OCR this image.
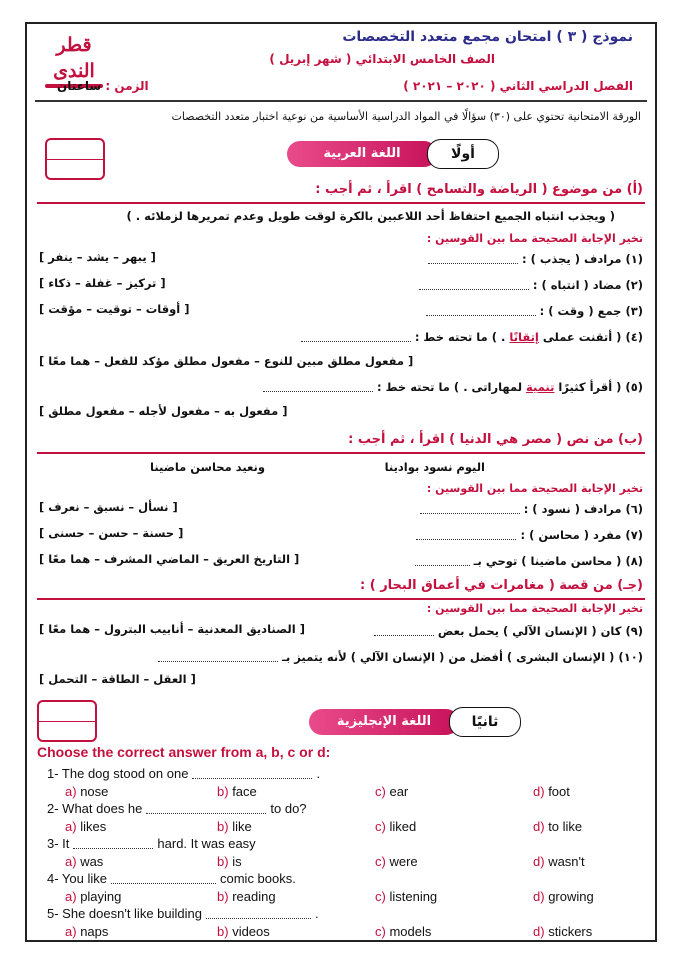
قطر الندى
نموذج ( ٣ ) امتحان مجمع متعدد التخصصات
الصف الخامس الابتدائي ( شهر إبريل )
الفصل الدراسي الثاني ( ٢٠٢٠ – ٢٠٢١ )
الزمن : ساعتان
الورقة الامتحانية تحتوي على (٣٠) سؤالًا في المواد الدراسية الأساسية من نوعية اختبار متعدد التخصصات
اللغة العربية	أولًا
(أ) من موضوع ( الرياضة والتسامح ) اقرأ ، ثم أجب :
( ويجذب انتباه الجميع احتفاظ أحد اللاعبين بالكرة لوقت طويل وعدم تمريرها لزملائه . )
تخير الإجابة الصحيحة مما بين القوسين :
(١) مرادف ( يجذب ) :
[ يبهر – يشد – ينفر ]
(٢) مضاد ( انتباه ) :
[ تركيز – غفلة – ذكاء ]
(٣) جمع ( وقت ) :
[ أوقات – توقيت – مؤقت ]
(٤) ( أتقنت عملى إتقانًا . ) ما تحته خط :
[ مفعول مطلق مبين للنوع – مفعول مطلق مؤكد للفعل – هما معًا ]
(٥) ( أقرأ كثيرًا تنمية لمهاراتى . ) ما تحته خط :
[ مفعول به – مفعول لأجله – مفعول مطلق ]
(ب) من نص ( مصر هي الدنيا ) اقرأ ، ثم أجب :
اليوم نسود بوادينا
ونعيد محاسن ماضينا
تخير الإجابة الصحيحة مما بين القوسين :
(٦) مرادف ( نسود ) :
[ نسأل – نسبق – نعرف ]
(٧) مفرد ( محاسن ) :
[ حسنة – حسن – حسنى ]
(٨) ( محاسن ماضينا ) توحي بـ
[ التاريخ العريق – الماضي المشرف – هما معًا ]
(جـ) من قصة ( مغامرات في أعماق البحار ) :
تخير الإجابة الصحيحة مما بين القوسين :
(٩) كان ( الإنسان الآلي ) يحمل بعض
[ الصناديق المعدنية – أنابيب البترول – هما معًا ]
(١٠) ( الإنسان البشرى ) أفضل من ( الإنسان الآلي ) لأنه يتميز بـ
[ العقل – الطاقة – التحمل ]
اللغة الإنجليزية	ثانيًا
Choose the correct answer from a, b, c or d:
1- The dog stood on one	.
a) nose	b) face	c) ear	d) foot
2- What does he	to do?
a) likes	b) like	c) liked	d) to like
3- It	hard. It was easy
a) was	b) is	c) were	d) wasn't
4- You like	comic books.
a) playing	b) reading	c) listening	d) growing
5- She doesn't like building	.
a) naps	b) videos	c) models	d) stickers
